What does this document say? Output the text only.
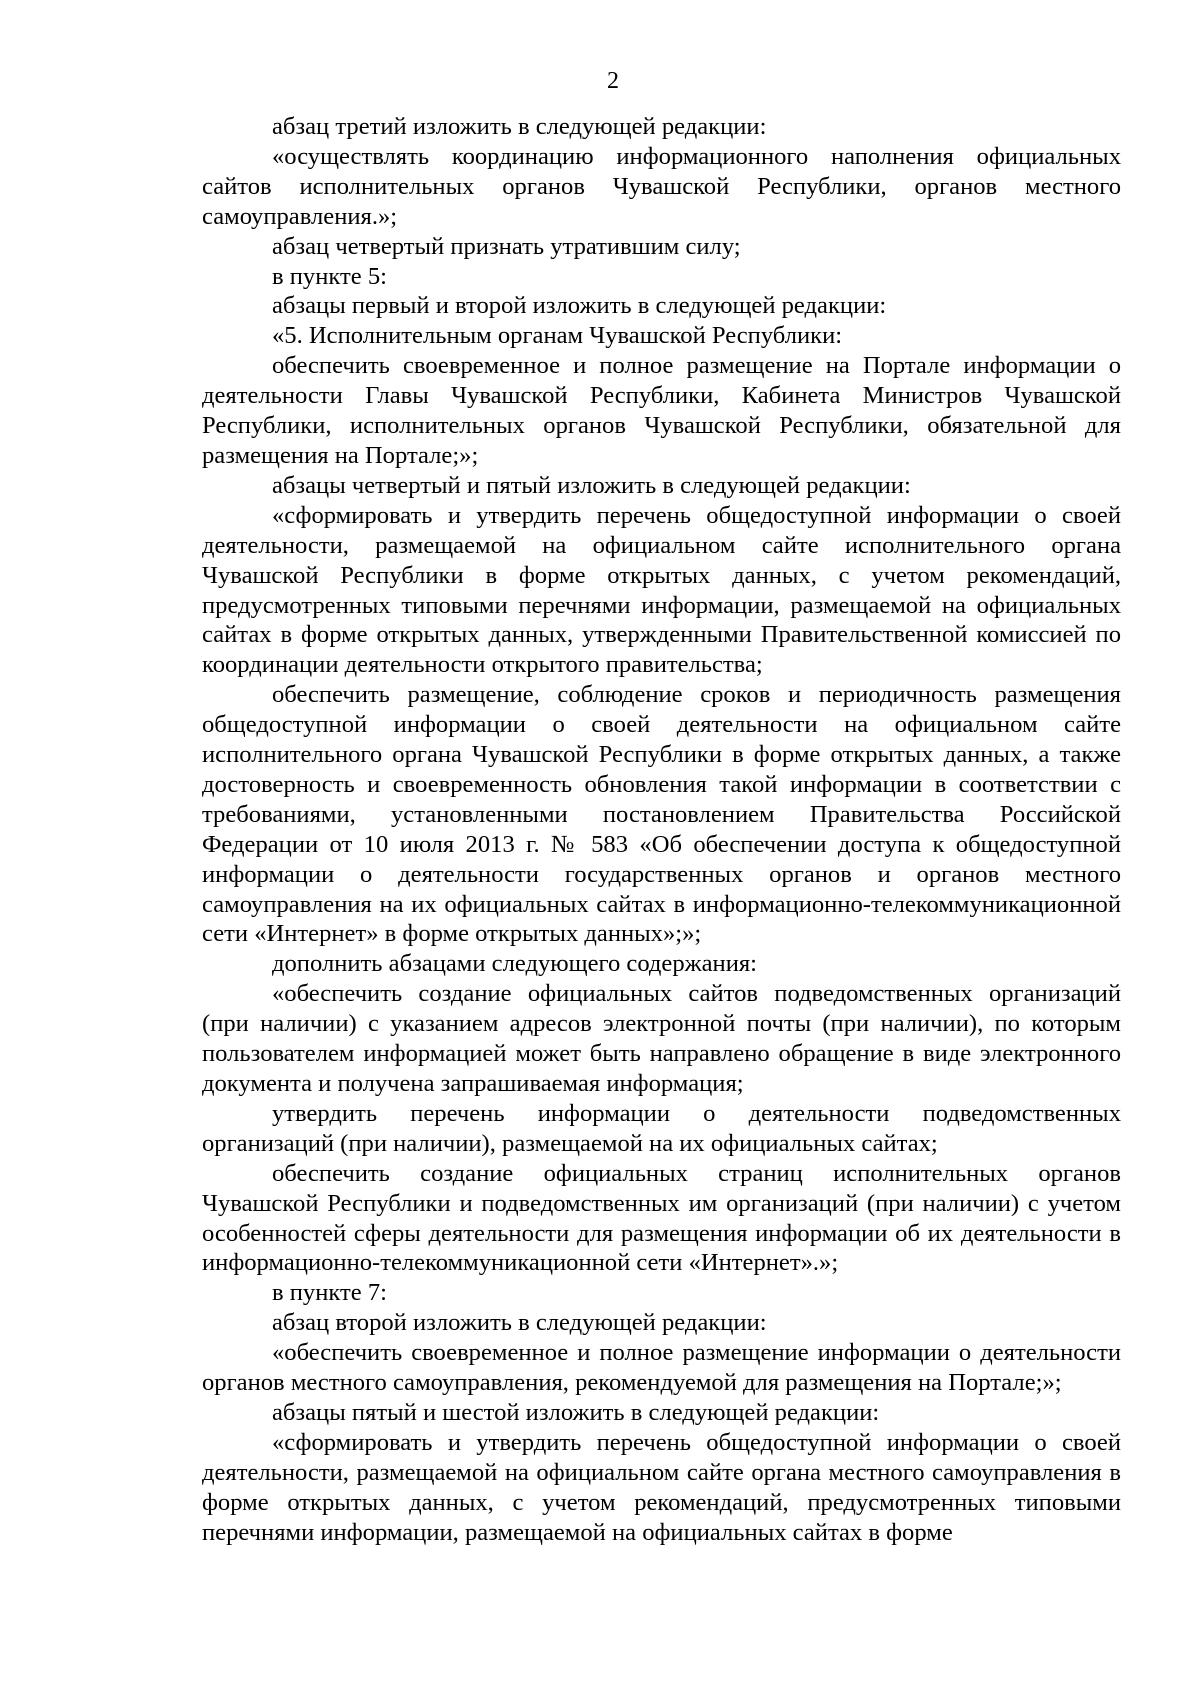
2

абзац третий изложить в следующей редакции:

«осуществлять координацию информационного наполнения официальных сайтов исполнительных органов Чувашской Республики, органов местного самоуправления.»;

абзац четвертый признать утратившим силу;

в пункте 5:

абзацы первый и второй изложить в следующей редакции:

«5. Исполнительным органам Чувашской Республики:

обеспечить своевременное и полное размещение на Портале информации о деятельности Главы Чувашской Республики, Кабинета Министров Чувашской Республики, исполнительных органов Чувашской Республики, обязательной для размещения на Портале;»;

абзацы четвертый и пятый изложить в следующей редакции:

«сформировать и утвердить перечень общедоступной информации о своей деятельности, размещаемой на официальном сайте исполнительного органа Чувашской Республики в форме открытых данных, с учетом рекомендаций, предусмотренных типовыми перечнями информации, размещаемой на официальных сайтах в форме открытых данных, утвержденными Правительственной комиссией по координации деятельности открытого правительства;

обеспечить размещение, соблюдение сроков и периодичность размещения общедоступной информации о своей деятельности на официальном сайте исполнительного органа Чувашской Республики в форме открытых данных, а также достоверность и своевременность обновления такой информации в соответствии с требованиями, установленными постановлением Правительства Российской Федерации от 10 июля 2013 г. № 583 «Об обеспечении доступа к общедоступной информации о деятельности государственных органов и органов местного самоуправления на их официальных сайтах в информационно-телекоммуникационной сети «Интернет» в форме открытых данных»;»;

дополнить абзацами следующего содержания:

«обеспечить создание официальных сайтов подведомственных организаций (при наличии) с указанием адресов электронной почты (при наличии), по которым пользователем информацией может быть направлено обращение в виде электронного документа и получена запрашиваемая информация;

утвердить перечень информации о деятельности подведомственных организаций (при наличии), размещаемой на их официальных сайтах;

обеспечить создание официальных страниц исполнительных органов Чувашской Республики и подведомственных им организаций (при наличии) с учетом особенностей сферы деятельности для размещения информации об их деятельности в информационно-телекоммуникационной сети «Интернет».»;

в пункте 7:

абзац второй изложить в следующей редакции:

«обеспечить своевременное и полное размещение информации о деятельности органов местного самоуправления, рекомендуемой для размещения на Портале;»;

абзацы пятый и шестой изложить в следующей редакции:

«сформировать и утвердить перечень общедоступной информации о своей деятельности, размещаемой на официальном сайте органа местного самоуправления в форме открытых данных, с учетом рекомендаций, предусмотренных типовыми перечнями информации, размещаемой на официальных сайтах в форме
